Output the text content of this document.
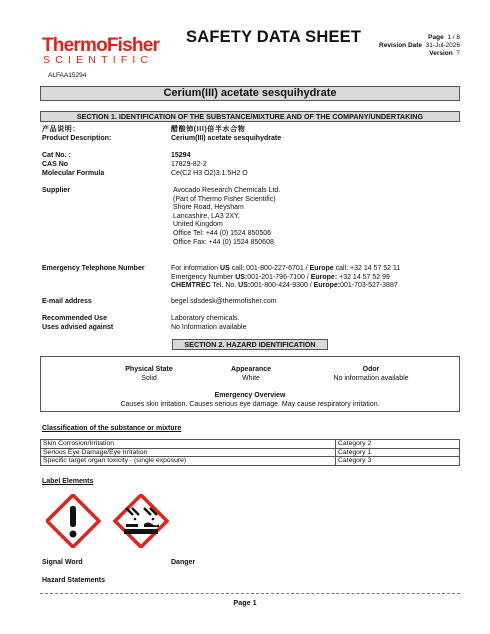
ThermoFisher
SCIENTIFIC
SAFETY DATA SHEET	Page 1 / 8
Revision Date 31-Jul-2026
Version 7
ALFAA15294
Cerium(III) acetate sesquihydrate
SECTION 1. IDENTIFICATION OF THE SUBSTANCE/MIXTURE AND OF THE COMPANY/UNDERTAKING
产品说明：	醋酸铈(III)倍半水合物
Product Description:	Cerium(III) acetate sesquihydrate
Cat No. :	15294
CAS No	17829-82-2
Molecular Formula	Ce(C2 H3 O2)3.1.5H2 O
Supplier	Avocado Research Chemicals Ltd.
(Part of Thermo Fisher Scientific)
Shore Road, Heysham
Lancashire, LA3 2XY,
United Kingdom
Office Tel: +44 (0) 1524 850506
Office Fax: +44 (0) 1524 850608
Emergency Telephone Number	For information US call: 001-800-227-6701 / Europe call: +32 14 57 52 11
Emergency Number US:001-201-796-7100 / Europe: +32 14 57 52 99
CHEMTREC Tel. No. US:001-800-424-9300 / Europe:001-703-527-3887
E-mail address	begel.sdsdesk@thermofisher.com
Recommended Use	Laboratory chemicals.
Uses advised against	No Information available
SECTION 2. HAZARD IDENTIFICATION
Physical State
Solid
Appearance
White
Odor
No information available
Emergency Overview
Causes skin irritation. Causes serious eye damage. May cause respiratory irritation.
Classification of the substance or mixture
Skin Corrosion/Irritation	Category 2
Serious Eye Damage/Eye Irritation	Category 1
Specific target organ toxicity - (single exposure)	Category 3
Label Elements
Signal Word	Danger
Hazard Statements
Page 1
